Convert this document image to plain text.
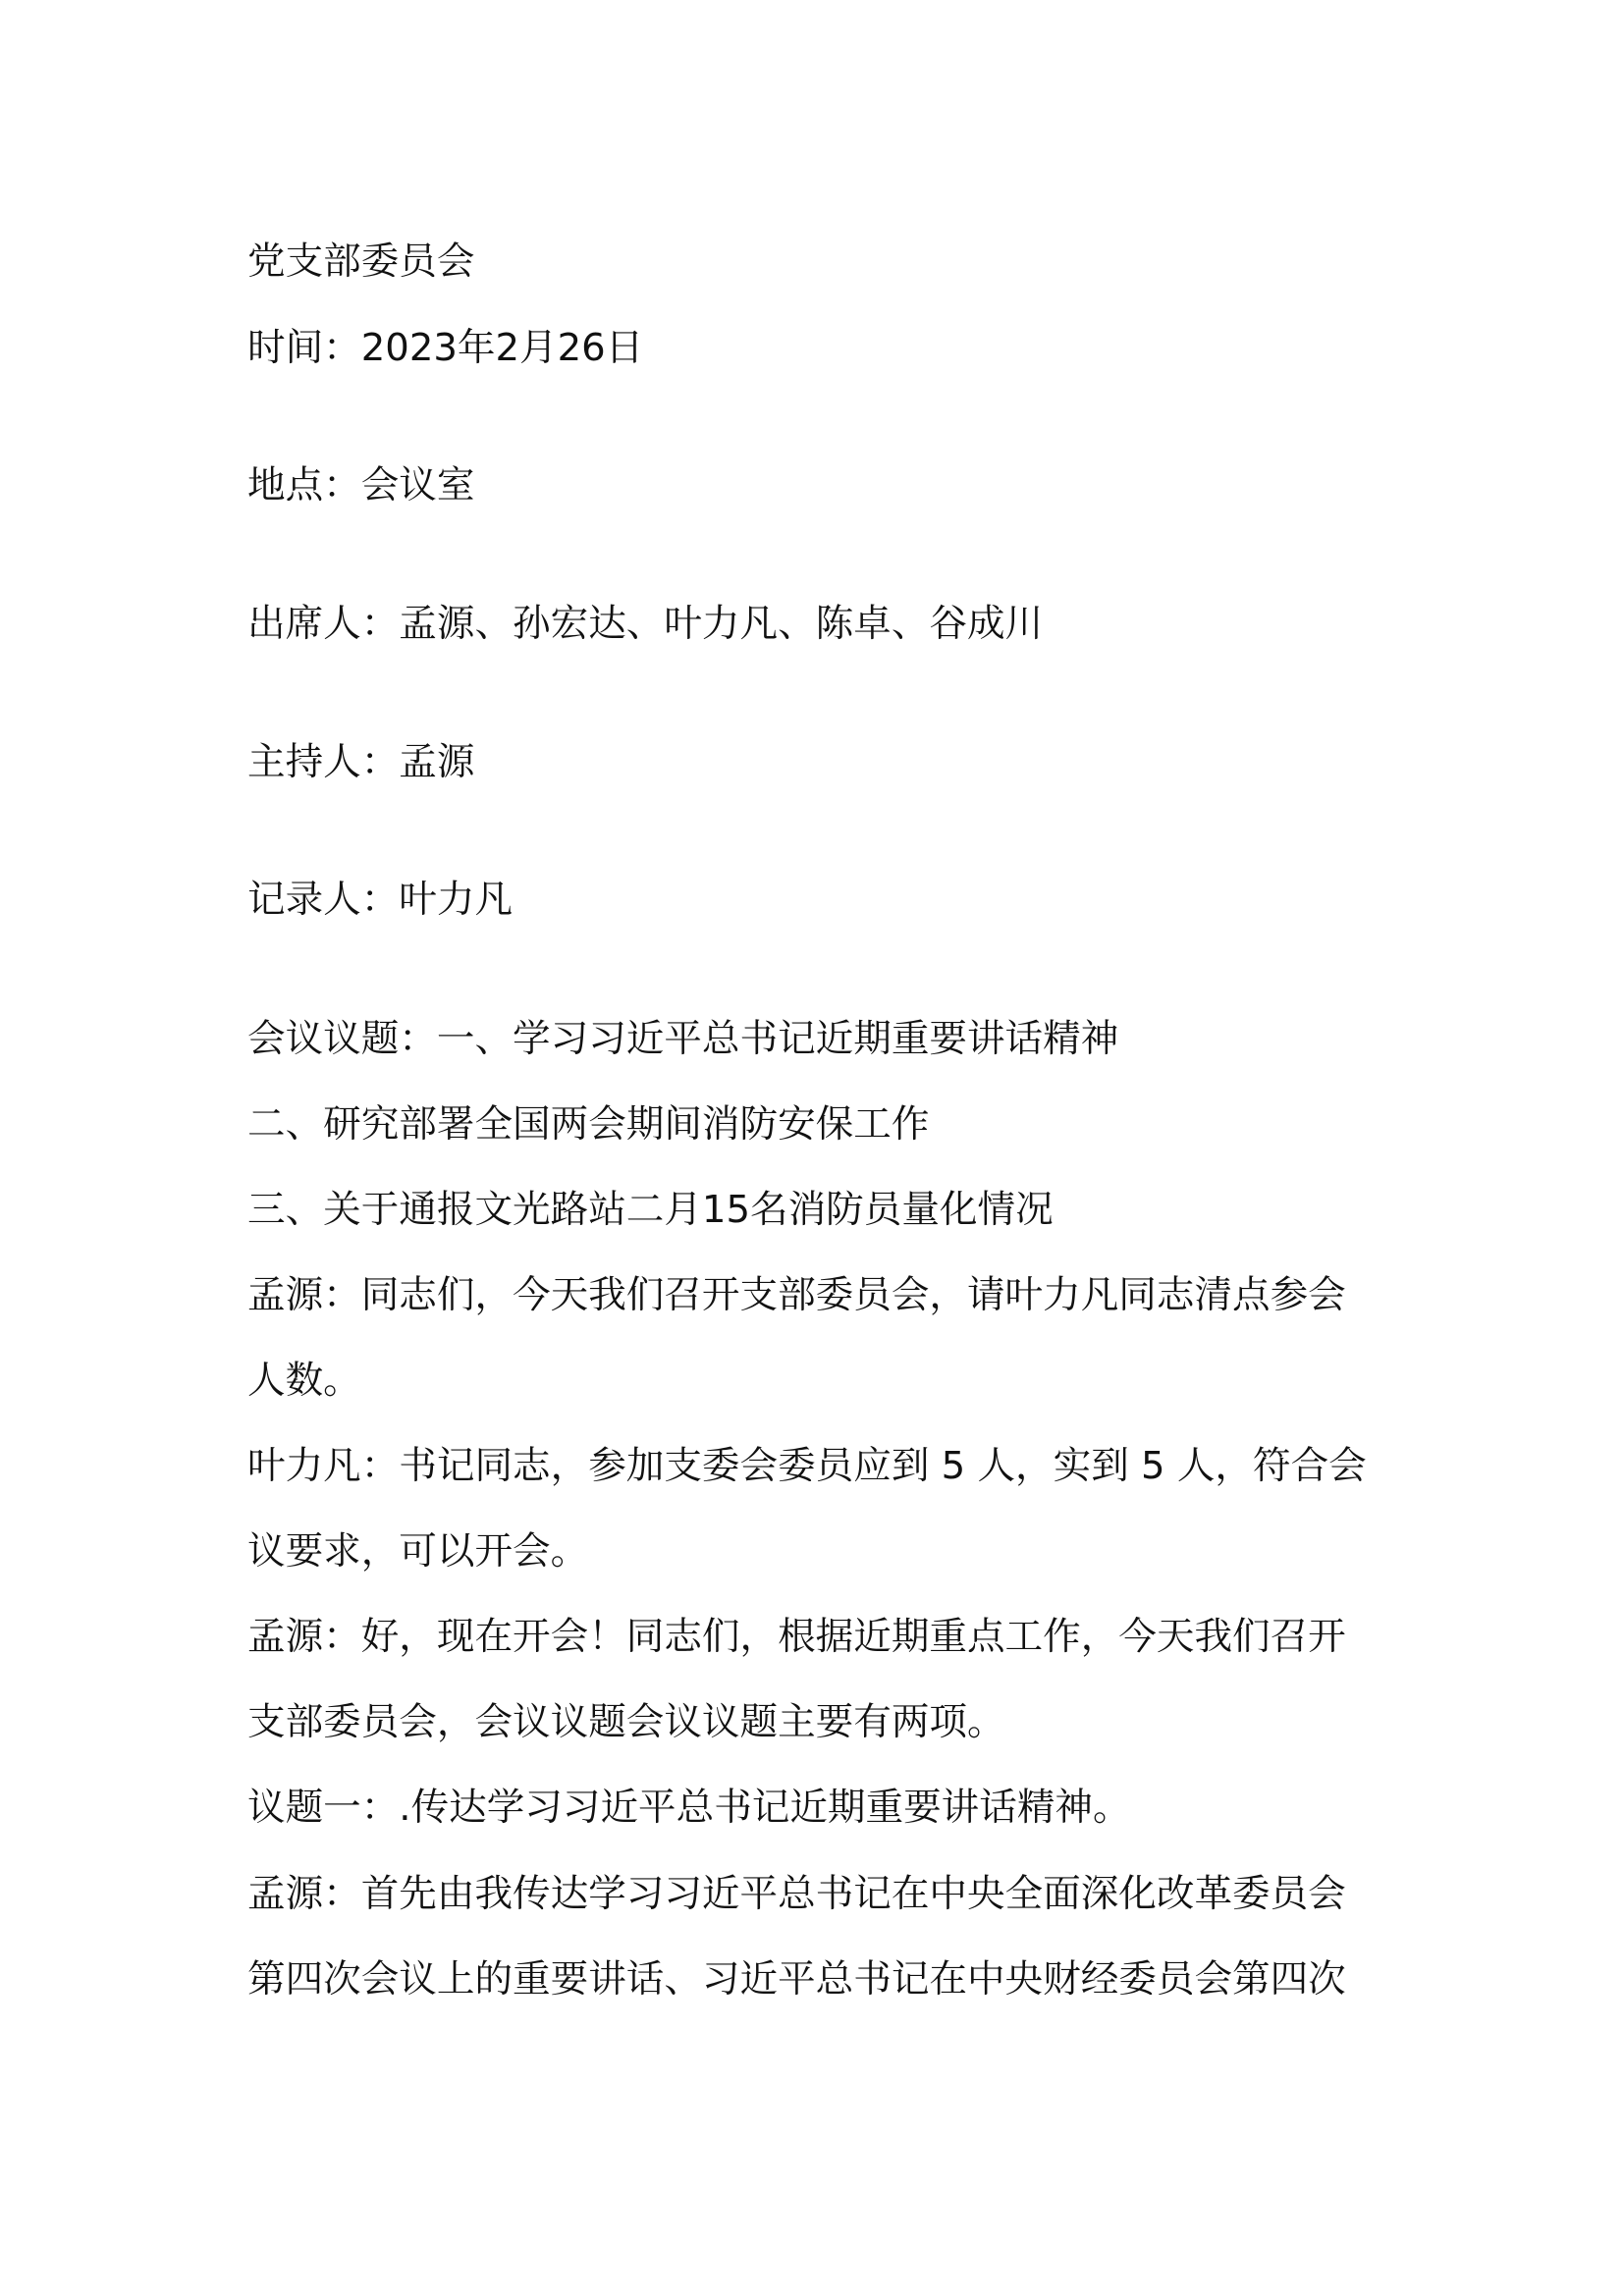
党支部委员会
时间：2023年2月26日
地点：会议室
出席人：孟源、孙宏达、叶力凡、陈卓、谷成川
主持人：孟源
记录人：叶力凡
会议议题：一、学习习近平总书记近期重要讲话精神
二、研究部署全国两会期间消防安保工作
三、关于通报文光路站二月15名消防员量化情况
孟源：同志们，今天我们召开支部委员会，请叶力凡同志清点参会
人数。
叶力凡：书记同志，参加支委会委员应到 5 人，实到 5 人，符合会
议要求，可以开会。
孟源：好，现在开会！同志们，根据近期重点工作，今天我们召开
支部委员会，会议议题会议议题主要有两项。
议题一：.传达学习习近平总书记近期重要讲话精神。
孟源：首先由我传达学习习近平总书记在中央全面深化改革委员会
第四次会议上的重要讲话、习近平总书记在中央财经委员会第四次
